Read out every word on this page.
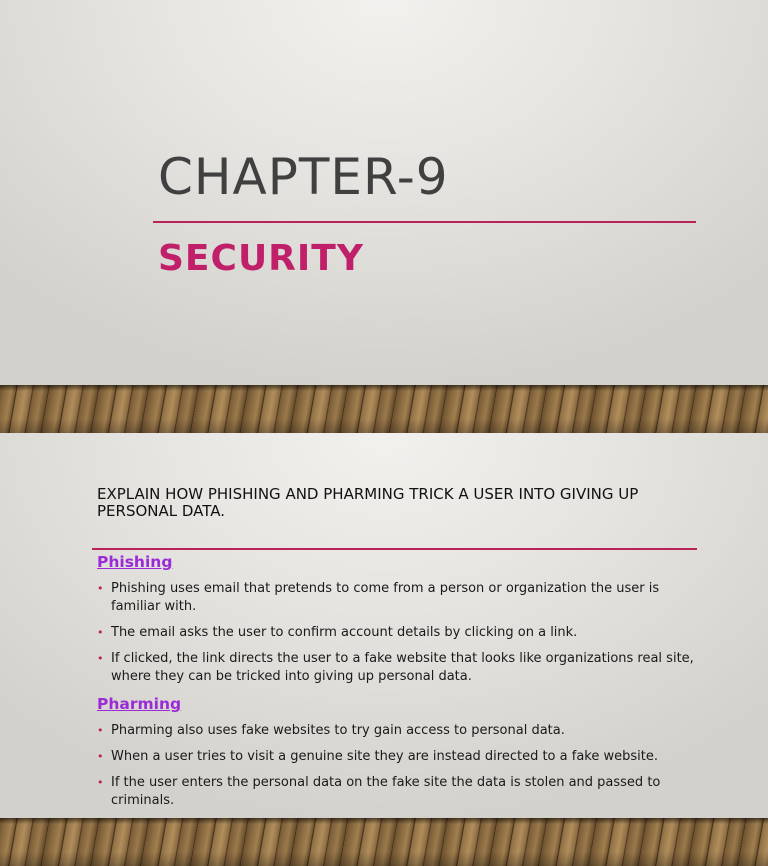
CHAPTER-9
SECURITY
EXPLAIN HOW PHISHING AND PHARMING TRICK A USER INTO GIVING UP PERSONAL DATA.
Phishing
• Phishing uses email that pretends to come from a person or organization the user is familiar with.
• The email asks the user to confirm account details by clicking on a link.
• If clicked, the link directs the user to a fake website that looks like organizations real site, where they can be tricked into giving up personal data.
Pharming
• Pharming also uses fake websites to try gain access to personal data.
• When a user tries to visit a genuine site they are instead directed to a fake website.
• If the user enters the personal data on the fake site the data is stolen and passed to criminals.
